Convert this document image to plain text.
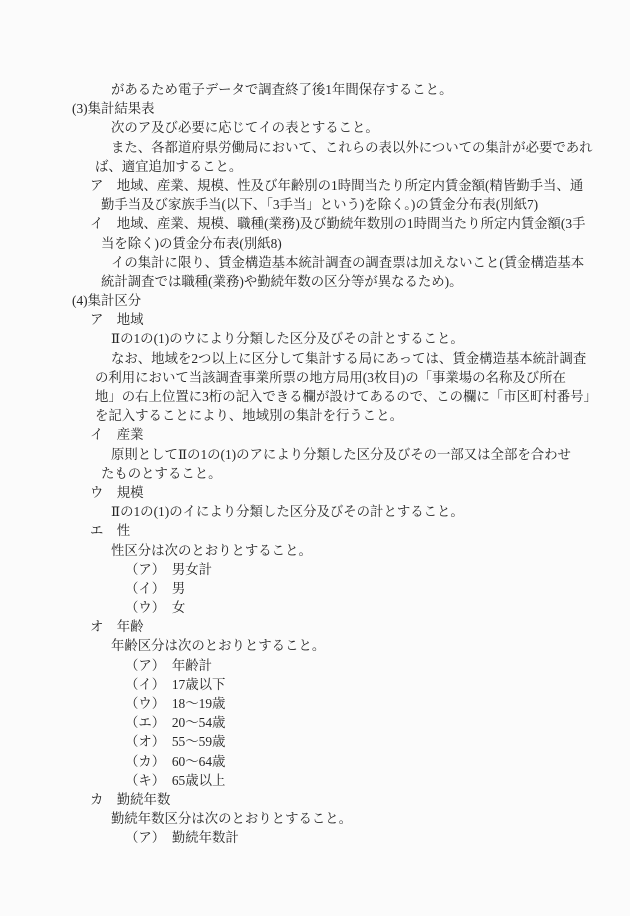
があるため電子データで調査終了後1年間保存すること。
(3)集計結果表
次のア及び必要に応じてイの表とすること。
また、各都道府県労働局において、これらの表以外についての集計が必要であれ
ば、適宜追加すること。
ア　地域、産業、規模、性及び年齢別の1時間当たり所定内賃金額(精皆勤手当、通
勤手当及び家族手当(以下、「3手当」という)を除く。)の賃金分布表(別紙7)
イ　地域、産業、規模、職種(業務)及び勤続年数別の1時間当たり所定内賃金額(3手
当を除く)の賃金分布表(別紙8)
イの集計に限り、賃金構造基本統計調査の調査票は加えないこと(賃金構造基本
統計調査では職種(業務)や勤続年数の区分等が異なるため)。
(4)集計区分
ア　地域
Ⅱの1の(1)のウにより分類した区分及びその計とすること。
なお、地域を2つ以上に区分して集計する局にあっては、賃金構造基本統計調査
の利用において当該調査事業所票の地方局用(3枚目)の「事業場の名称及び所在
地」の右上位置に3桁の記入できる欄が設けてあるので、この欄に「市区町村番号」
を記入することにより、地域別の集計を行うこと。
イ　産業
原則としてⅡの1の(1)のアにより分類した区分及びその一部又は全部を合わせ
たものとすること。
ウ　規模
Ⅱの1の(1)のイにより分類した区分及びその計とすること。
エ　性
性区分は次のとおりとすること。
（ア）　男女計
（イ）　男
（ウ）　女
オ　年齢
年齢区分は次のとおりとすること。
（ア）　年齢計
（イ）　17歳以下
（ウ）　18〜19歳
（エ）　20〜54歳
（オ）　55〜59歳
（カ）　60〜64歳
（キ）　65歳以上
カ　勤続年数
勤続年数区分は次のとおりとすること。
（ア）　勤続年数計
